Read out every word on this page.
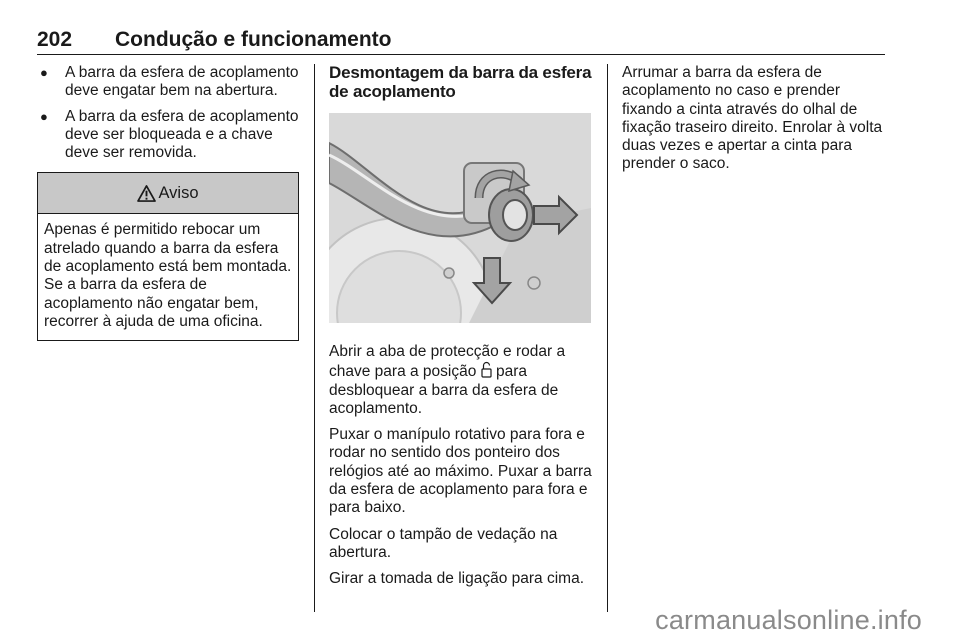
202 Condução e funcionamento
● A barra da esfera de acoplamento deve engatar bem na abertura.
● A barra da esfera de acoplamento deve ser bloqueada e a chave deve ser removida.
Aviso
Apenas é permitido rebocar um atrelado quando a barra da esfera de acoplamento está bem montada. Se a barra da esfera de acoplamento não engatar bem, recorrer à ajuda de uma oficina.
Desmontagem da barra da esfera de acoplamento

Abrir a aba de protecção e rodar a chave para a posição para desbloquear a barra da esfera de acoplamento.

Puxar o manípulo rotativo para fora e rodar no sentido dos ponteiro dos relógios até ao máximo. Puxar a barra da esfera de acoplamento para fora e para baixo.

Colocar o tampão de vedação na abertura.

Girar a tomada de ligação para cima.

Arrumar a barra da esfera de acoplamento no caso e prender fixando a cinta através do olhal de fixação traseiro direito. Enrolar à volta duas vezes e apertar a cinta para prender o saco.

carmanualsonline.info
